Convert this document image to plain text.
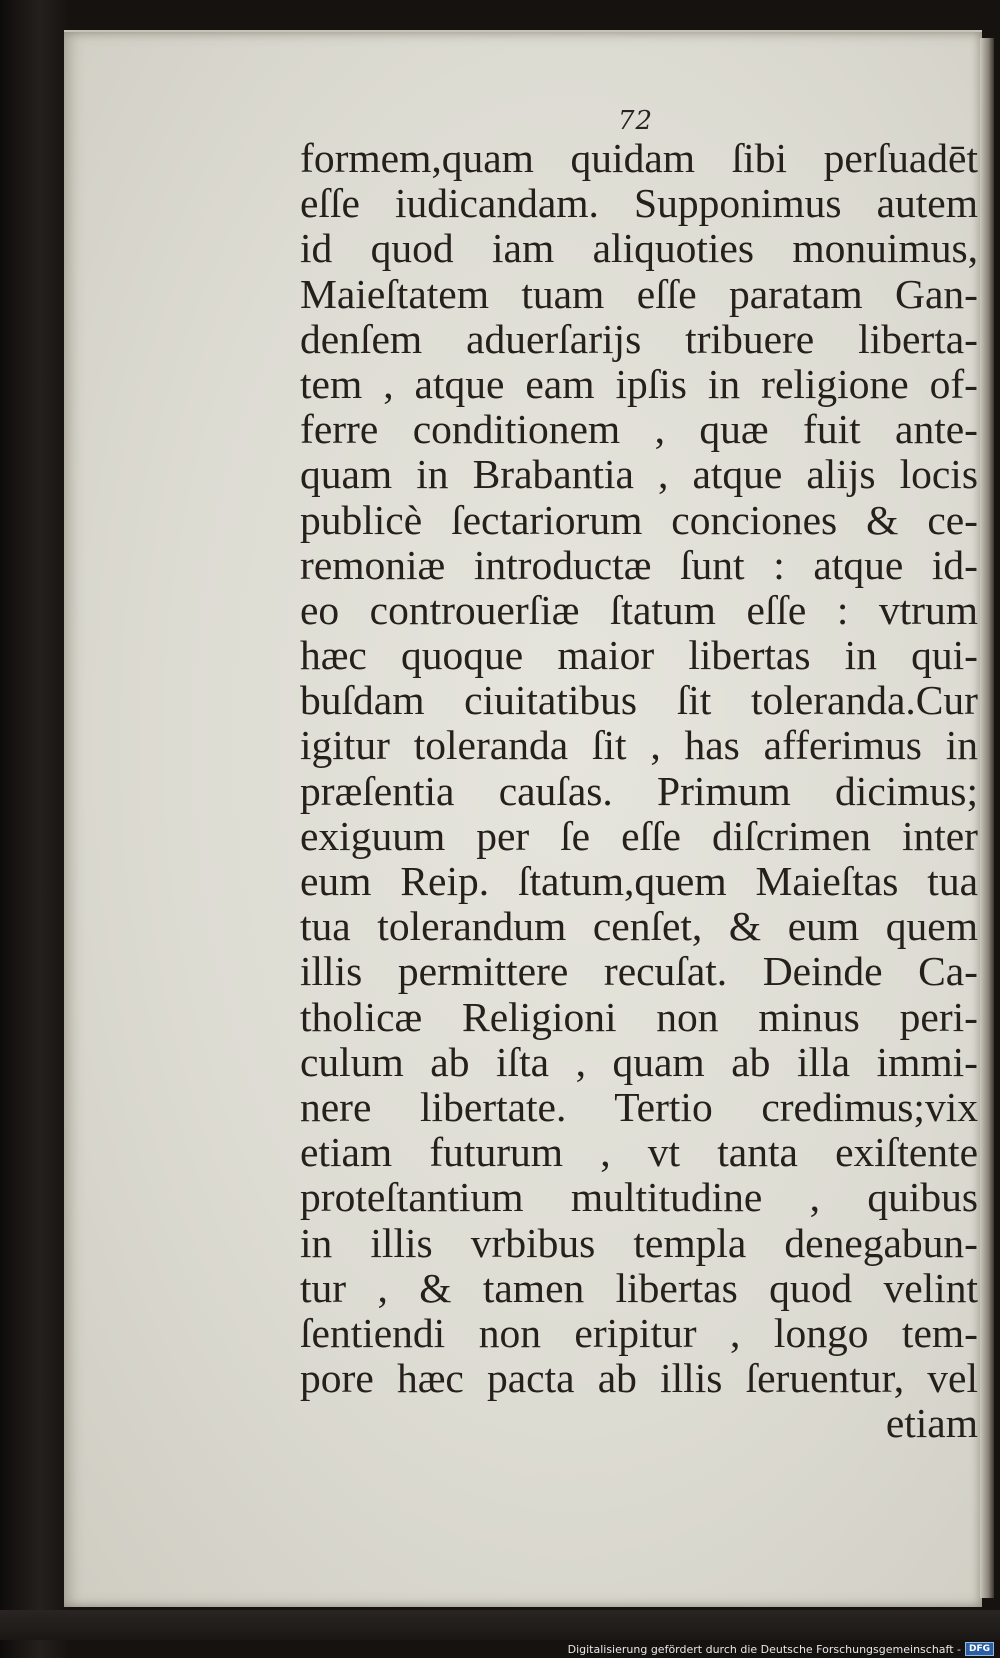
72
formem,quam quidam ſibi perſuadēt
eſſe iudicandam. Supponimus autem
id quod iam aliquoties monuimus,
Maieſtatem tuam eſſe paratam Gan-
denſem aduerſarijs tribuere liberta-
tem , atque eam ipſis in religione of-
ferre conditionem , quæ fuit ante-
quam in Brabantia , atque alijs locis
publicè ſectariorum conciones & ce-
remoniæ introductæ ſunt : atque id-
eo controuerſiæ ſtatum eſſe : vtrum
hæc quoque maior libertas in qui-
buſdam ciuitatibus ſit toleranda.Cur
igitur toleranda ſit , has afferimus in
præſentia cauſas. Primum dicimus;
exiguum per ſe eſſe diſcrimen inter
eum Reip. ſtatum,quem Maieſtas tua
tua tolerandum cenſet, & eum quem
illis permittere recuſat. Deinde Ca-
tholicæ Religioni non minus peri-
culum ab iſta , quam ab illa immi-
nere libertate. Tertio credimus;vix
etiam futurum , vt tanta exiſtente
proteſtantium multitudine , quibus
in illis vrbibus templa denegabun-
tur , & tamen libertas quod velint
ſentiendi non eripitur , longo tem-
pore hæc pacta ab illis ſeruentur, vel
etiam
Digitalisierung gefördert durch die Deutsche Forschungsgemeinschaft - DFG
